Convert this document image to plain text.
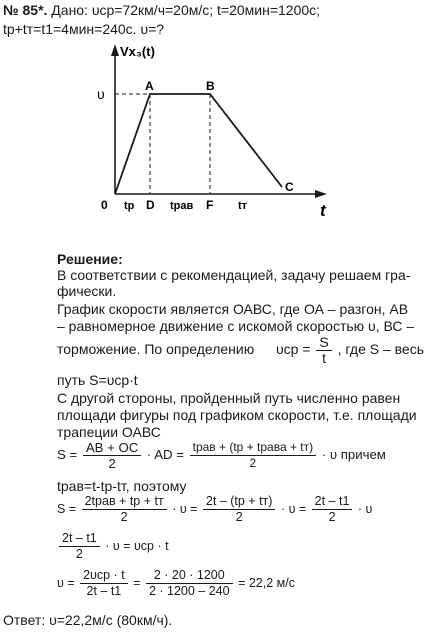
№ 85*. Дано: υср=72км/ч=20м/с; t=20мин=1200с;
tр+tт=t1=4мин=240с. υ=?
Vx₃(t)
t
υ
0
A	B
C
D	F
tр	tрав	tт
Решение:
В соответствии с рекомендацией, задачу решаем гра-
фически.
График скорости является ОАВС, где ОА – разгон, АВ
– равномерное движение с искомой скоростью υ, ВС –
торможение. По определению $\upsilon ср = \frac{S}{t}$ , где S – весь
путь S=υср·t
С другой стороны, пройденный путь численно равен
площади фигуры под графиком скорости, т.е. площади
трапеции ОАВС
$S = \frac{AB + OC}{2}$ · AD = $\frac{\text{tрав + (tр + tрава + tт)}}{2} \cdot \upsilon$ причем
tрав=t-tр-tт, поэтому
$S = \frac{\text{2tрав + tр + tт}}{2} \cdot \upsilon = \frac{2t - (tр + tт)}{2} \cdot \upsilon = \frac{2t - t1}{2} \cdot \upsilon$
$\frac{2t - t1}{2} \cdot \upsilon = \upsilon ср \cdot t$
$\upsilon = \frac{\text{2υср · t}}{2t - t1} = \frac{2 \cdot 20 \cdot 1200}{2 \cdot 1200 - 240} = 22,2$ м/с
Ответ: υ=22,2м/с (80км/ч).
